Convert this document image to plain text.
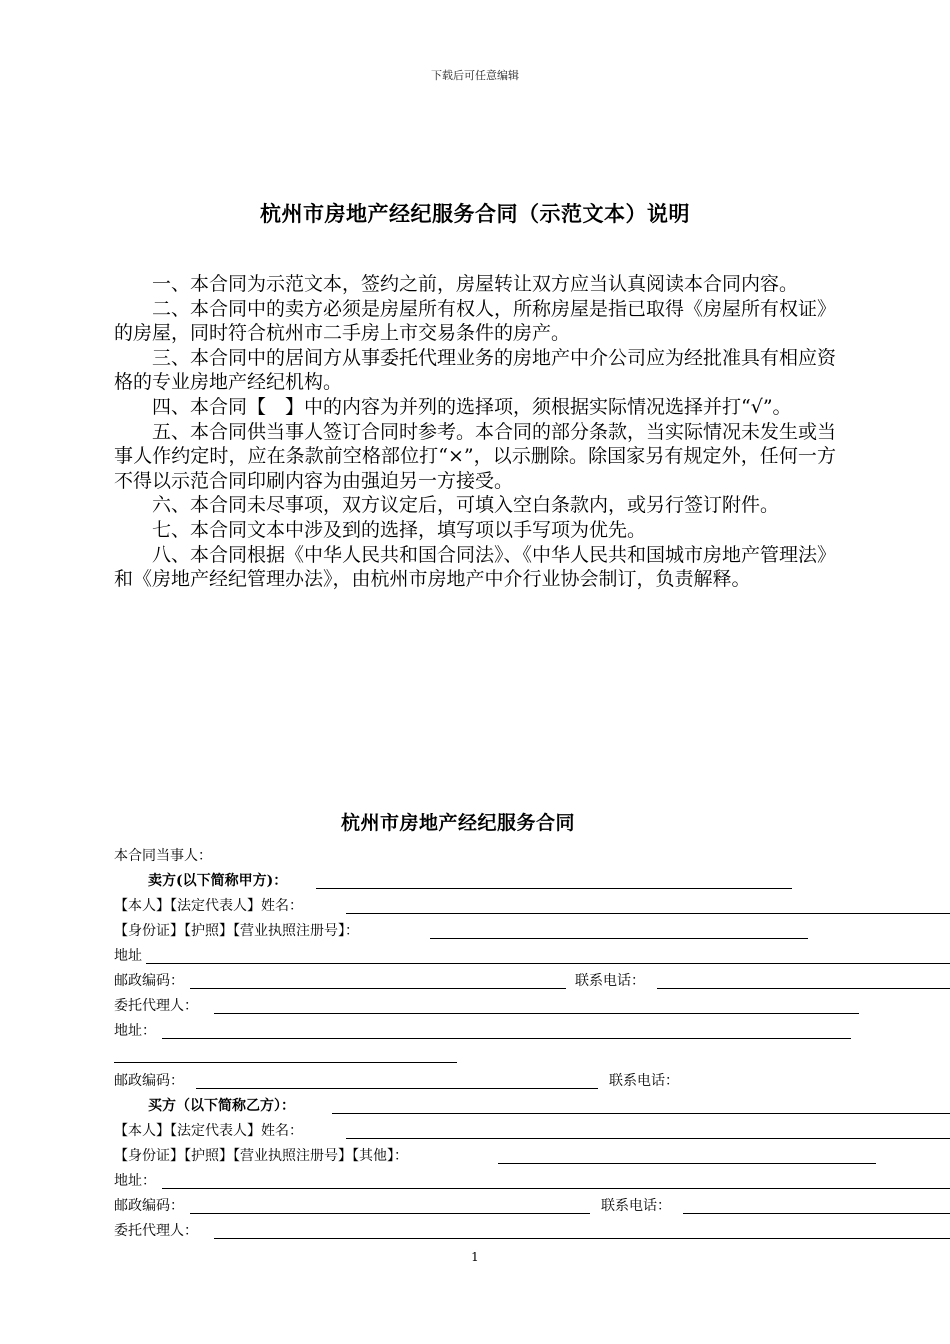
下载后可任意编辑
杭州市房地产经纪服务合同（示范文本）说明

一、本合同为示范文本，签约之前，房屋转让双方应当认真阅读本合同内容。

二、本合同中的卖方必须是房屋所有权人，所称房屋是指已取得《房屋所有权证》的房屋，同时符合杭州市二手房上市交易条件的房产。

三、本合同中的居间方从事委托代理业务的房地产中介公司应为经批准具有相应资格的专业房地产经纪机构。

四、本合同【　】中的内容为并列的选择项，须根据实际情况选择并打“√”。

五、本合同供当事人签订合同时参考。本合同的部分条款，当实际情况未发生或当事人作约定时，应在条款前空格部位打“×”，以示删除。除国家另有规定外，任何一方不得以示范合同印刷内容为由强迫另一方接受。

六、本合同未尽事项，双方议定后，可填入空白条款内，或另行签订附件。

七、本合同文本中涉及到的选择，填写项以手写项为优先。

八、本合同根据《中华人民共和国合同法》、《中华人民共和国城市房地产管理法》和《房地产经纪管理办法》，由杭州市房地产中介行业协会制订，负责解释。

杭州市房地产经纪服务合同
本合同当事人：
卖方(以下简称甲方)：
【本人】【法定代表人】姓名：
【身份证】【护照】【营业执照注册号】：
地址
邮政编码：	联系电话：
委托代理人：
地址：
邮政编码：	联系电话：
买方（以下简称乙方）：
【本人】【法定代表人】姓名：
【身份证】【护照】【营业执照注册号】【其他】：
地址：
邮政编码：	联系电话：
委托代理人：
1
